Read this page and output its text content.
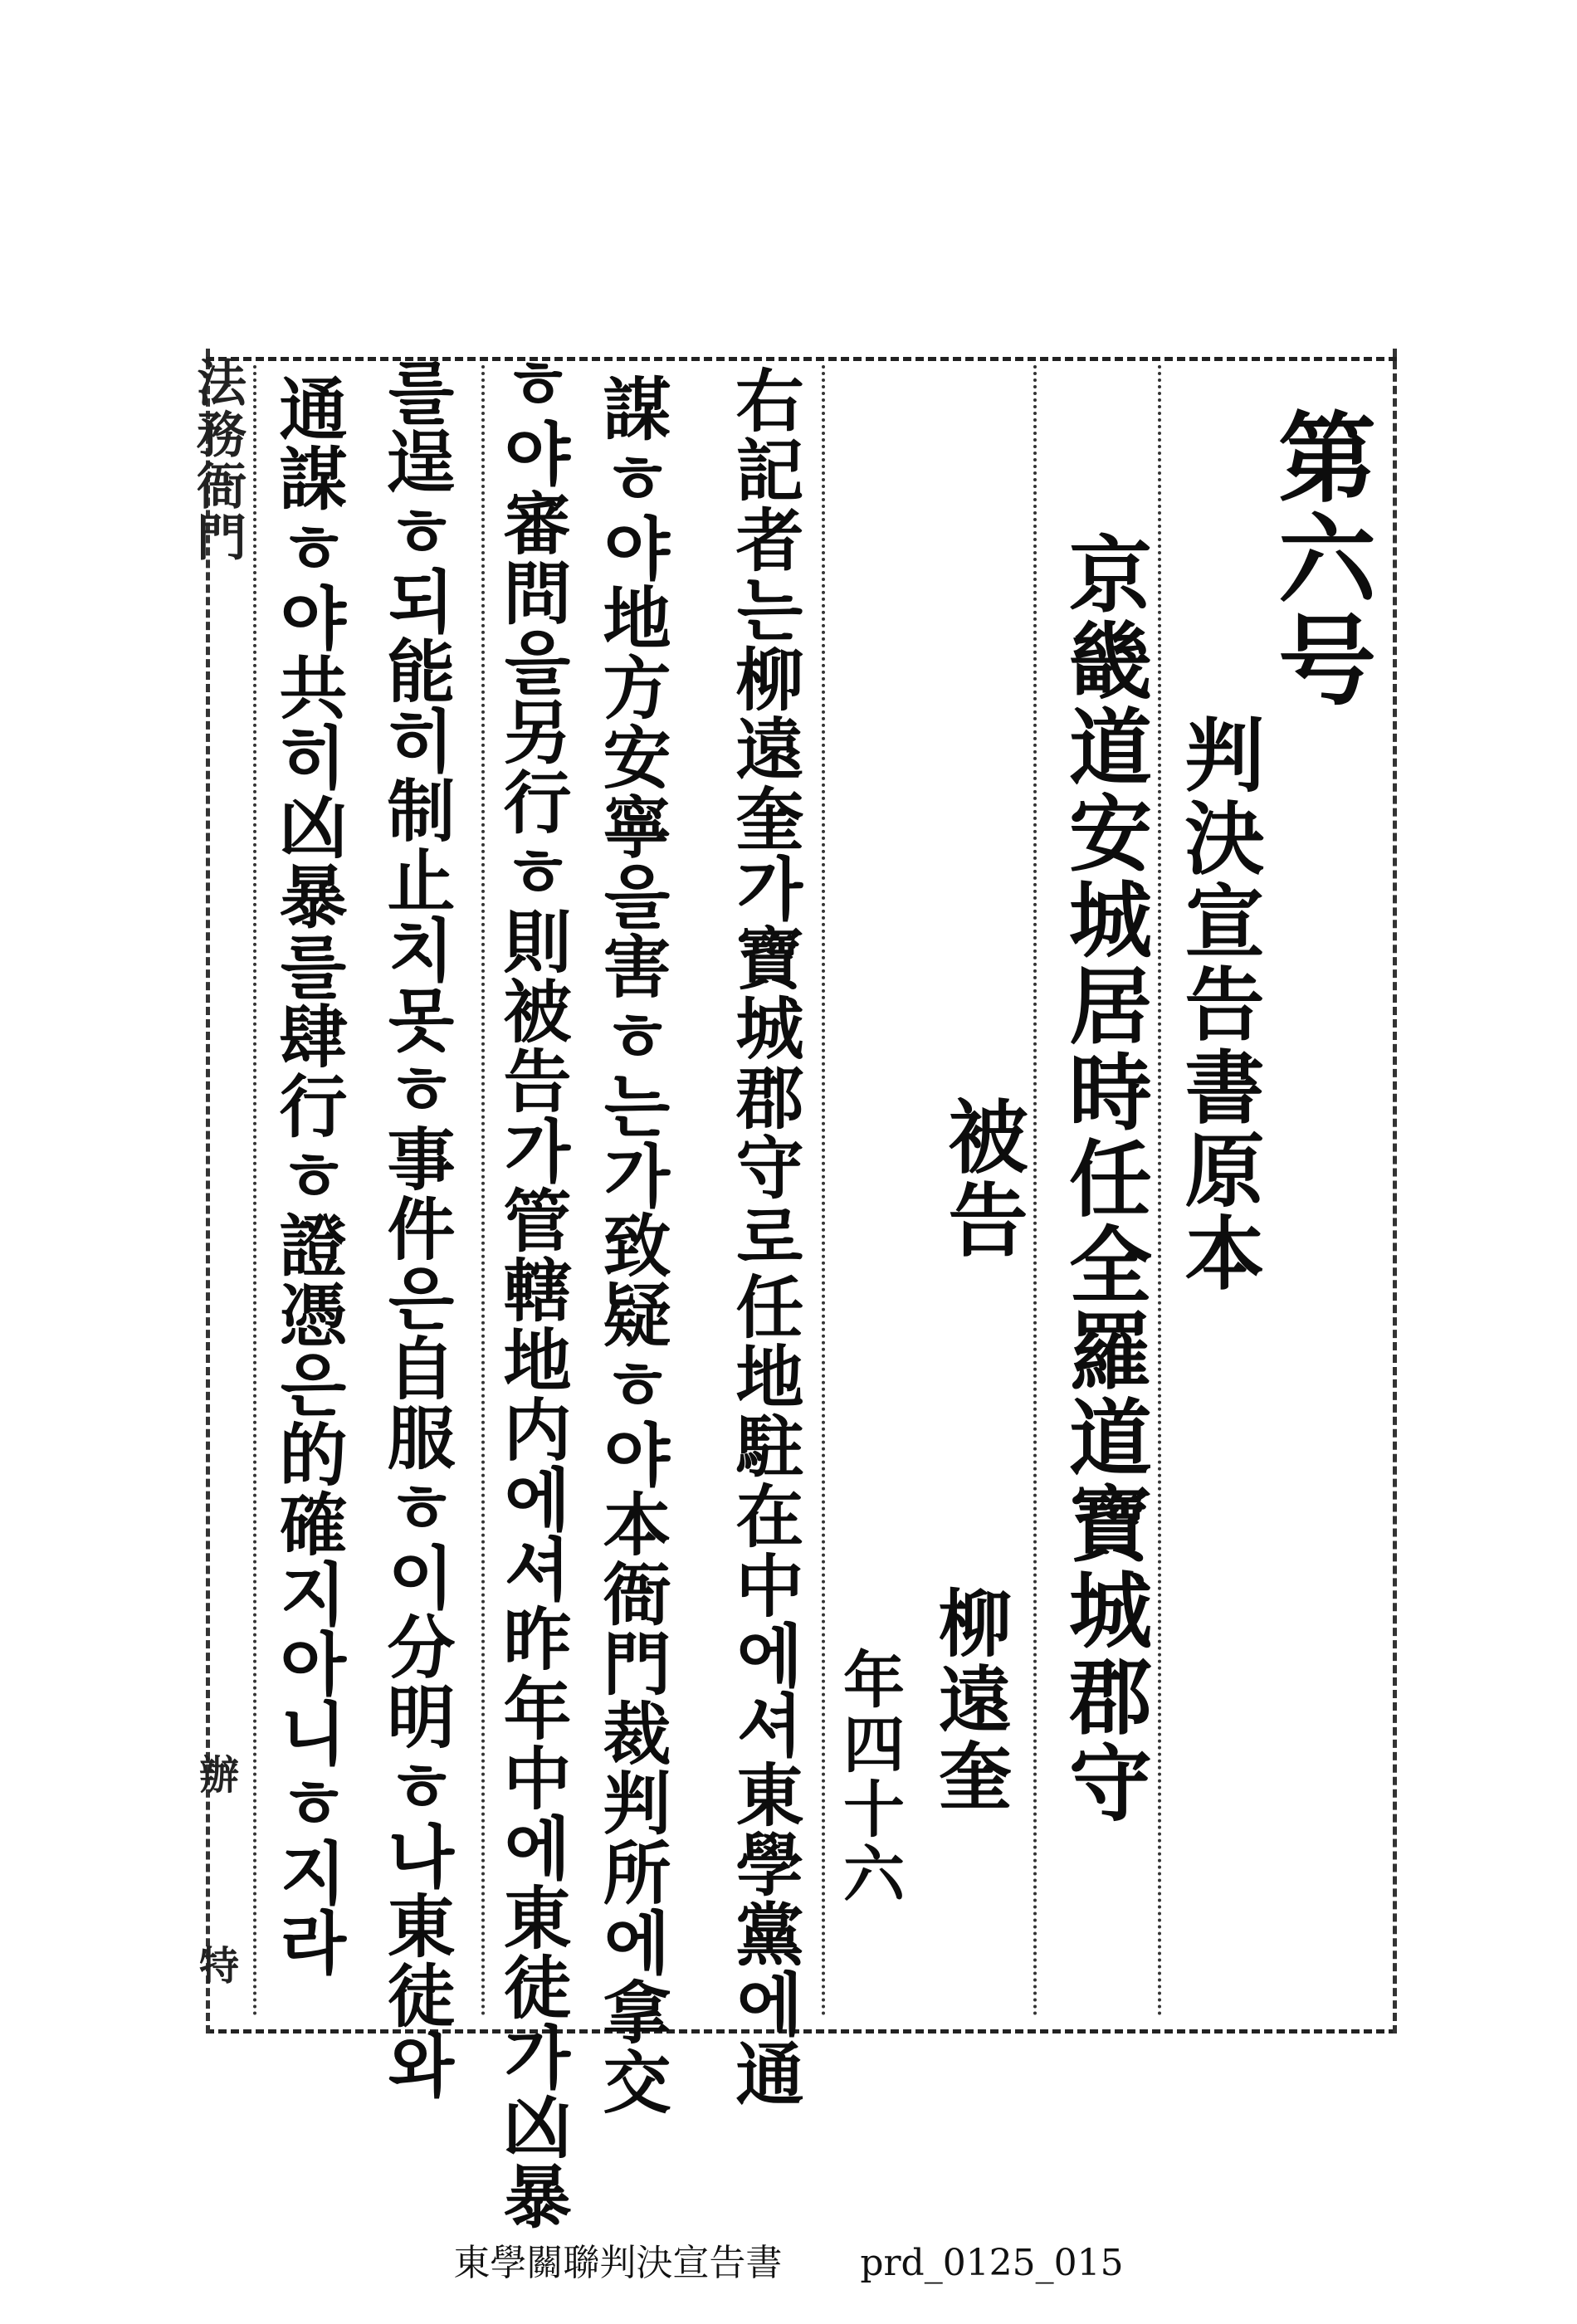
第六号
判決宣告書原本
京畿道安城居時任全羅道寶城郡守
被告
柳遠奎
年四十六
右記者는柳遠奎가寶城郡守로任地駐在中에셔東學黨에通
謀ㅎ야地方安寧을害ㅎ는가致疑ㅎ야本衙門裁判所에拿交
ㅎ야審問을另行ㅎ則被告가管轄地内에셔昨年中에東徒가凶暴
를逞ㅎ되能히制止치못ㅎ事件은自服ㅎ이分明ㅎ나東徒와
通謀ㅎ야共히凶暴를肆行ㅎ證憑은的確지아니ㅎ지라
法務衙門
辦
特
東學關聯判決宣告書 prd_0125_015
